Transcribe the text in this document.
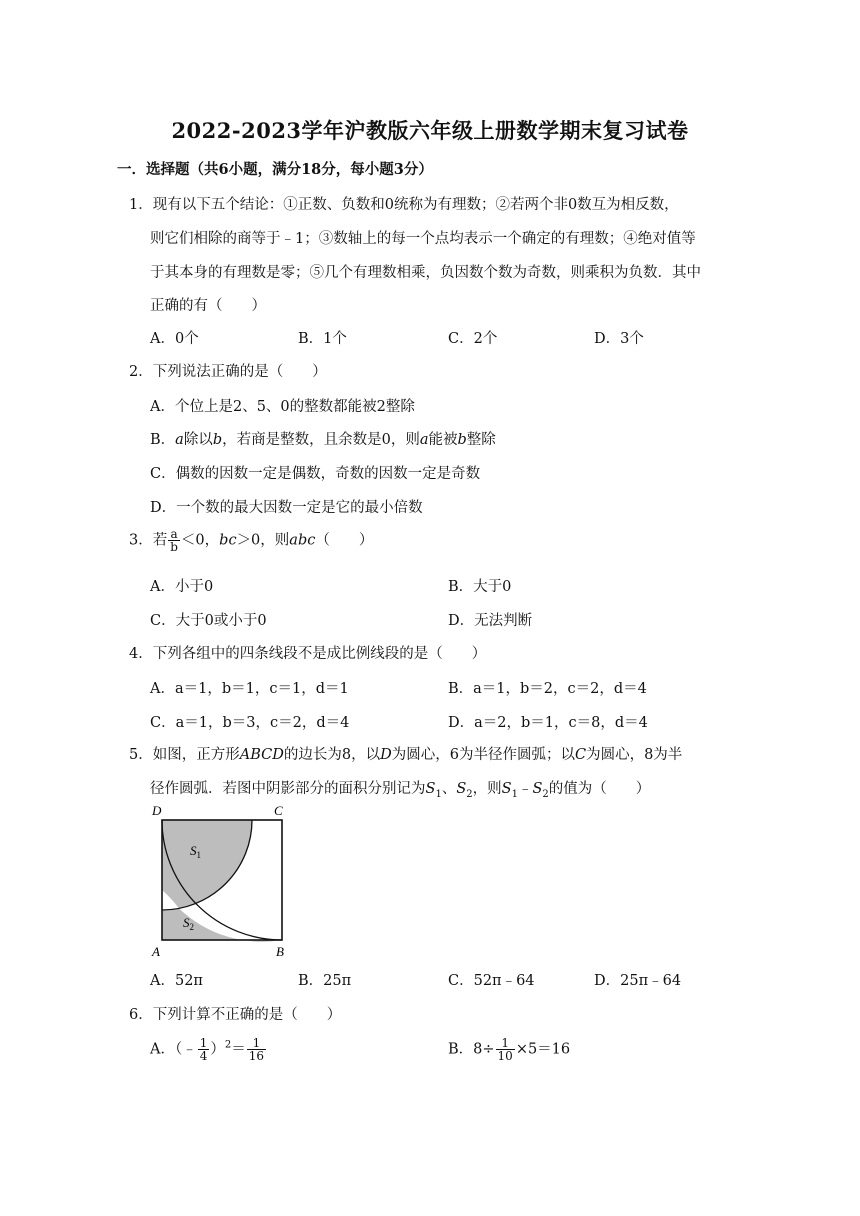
2022-2023学年沪教版六年级上册数学期末复习试卷
一．选择题（共6小题，满分18分，每小题3分）
1．现有以下五个结论：①正数、负数和0统称为有理数；②若两个非0数互为相反数，
则它们相除的商等于﹣1；③数轴上的每一个点均表示一个确定的有理数；④绝对值等
于其本身的有理数是零；⑤几个有理数相乘，负因数个数为奇数，则乘积为负数．其中
正确的有（　　）
A．0个	B．1个	C．2个	D．3个
2．下列说法正确的是（　　）
A．个位上是2、5、0的整数都能被2整除
B．a除以b，若商是整数，且余数是0，则a能被b整除
C．偶数的因数一定是偶数，奇数的因数一定是奇数
D．一个数的最大因数一定是它的最小倍数
3．若 $\frac{a}{b} <0$，bc＞0，则abc（　　）
A．小于0	B．大于0
C．大于0或小于0	D．无法判断
4．下列各组中的四条线段不是成比例线段的是（　　）
A．a＝1，b＝1，c＝1，d＝1	B．a＝1，b＝2，c＝2，d＝4
C．a＝1，b＝3，c＝2，d＝4	D．a＝2，b＝1，c＝8，d＝4
5．如图，正方形ABCD的边长为8，以D为圆心，6为半径作圆弧；以C为圆心，8为半
径作圆弧．若图中阴影部分的面积分别记为$S_1$、$S_2$，则$S_1﹣S_2$的值为（　　）
D	C
A	B
$S_1$
$S_2$
A．52π	B．25π	C．52π﹣64	D．25π﹣64
6．下列计算不正确的是（　　）
A．（﹣ $\frac{1}{4} )^2= \frac{1}{16}$	B．$8\div \frac{1}{10} \times 5=16$
